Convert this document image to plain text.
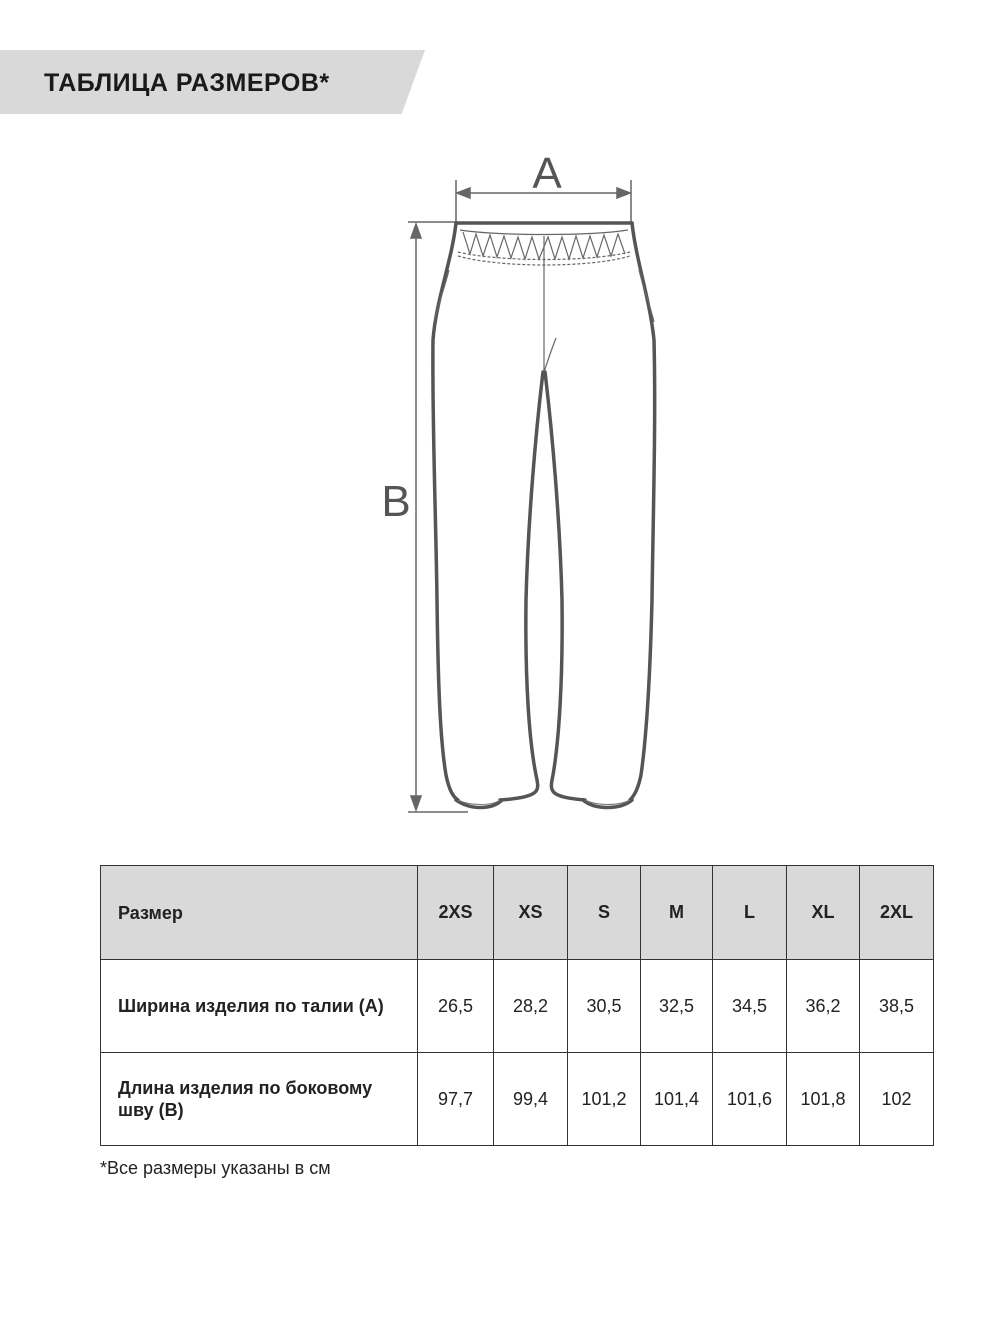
ТАБЛИЦА РАЗМЕРОВ*
A
B
Размер	2XS	XS	S	M	L	XL	2XL
Ширина изделия по талии (А)	26,5	28,2	30,5	32,5	34,5	36,2	38,5
Длина изделия по боковому шву (В)	97,7	99,4	101,2	101,4	101,6	101,8	102
*Все размеры указаны в см
